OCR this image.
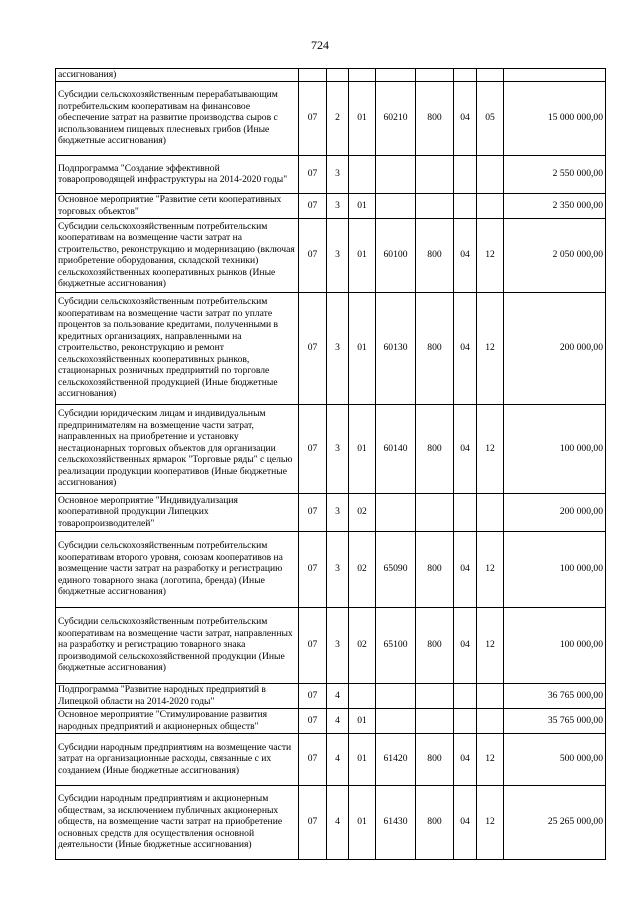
724
ассигнования)								
Субсидии сельскохозяйственным перерабатывающим потребительским кооперативам на финансовое обеспечение затрат на развитие производства сыров с использованием пищевых плесневых грибов (Иные бюджетные ассигнования)	07	2	01	60210	800	04	05	15 000 000,00
Подпрограмма "Создание эффективной товаропроводящей инфраструктуры на 2014-2020 годы"	07	3						2 550 000,00
Основное мероприятие "Развитие сети кооперативных торговых объектов"	07	3	01					2 350 000,00
Субсидии сельскохозяйственным потребительским кооперативам на возмещение части затрат на строительство, реконструкцию и модернизацию (включая приобретение оборудования, складской техники) сельскохозяйственных кооперативных рынков (Иные бюджетные ассигнования)	07	3	01	60100	800	04	12	2 050 000,00
Субсидии сельскохозяйственным потребительским кооперативам на возмещение части затрат по уплате процентов за пользование кредитами, полученными в кредитных организациях, направленными на строительство, реконструкцию и ремонт сельскохозяйственных кооперативных рынков, стационарных розничных предприятий по торговле сельскохозяйственной продукцией (Иные бюджетные ассигнования)	07	3	01	60130	800	04	12	200 000,00
Субсидии юридическим лицам и индивидуальным предпринимателям на возмещение части затрат, направленных на приобретение и установку нестационарных торговых объектов для организации сельскохозяйственных ярмарок "Торговые ряды" с целью реализации продукции кооперативов (Иные бюджетные ассигнования)	07	3	01	60140	800	04	12	100 000,00
Основное мероприятие "Индивидуализация кооперативной продукции Липецких товаропроизводителей"	07	3	02					200 000,00
Субсидии сельскохозяйственным потребительским кооперативам второго уровня, союзам кооперативов на возмещение части затрат на разработку и регистрацию единого товарного знака (логотипа, бренда) (Иные бюджетные ассигнования)	07	3	02	65090	800	04	12	100 000,00
Субсидии сельскохозяйственным потребительским кооперативам на возмещение части затрат, направленных на разработку и регистрацию товарного знака производимой сельскохозяйственной продукции (Иные бюджетные ассигнования)	07	3	02	65100	800	04	12	100 000,00
Подпрограмма "Развитие народных предприятий в Липецкой области на 2014-2020 годы"	07	4						36 765 000,00
Основное мероприятие "Стимулирование развития народных предприятий и акционерных обществ"	07	4	01					35 765 000,00
Субсидии народным предприятиям на возмещение части затрат на организационные расходы, связанные с их созданием (Иные бюджетные ассигнования)	07	4	01	61420	800	04	12	500 000,00
Субсидии народным предприятиям и акционерным обществам, за исключением публичных акционерных обществ, на возмещение части затрат на приобретение основных средств для осуществления основной деятельности (Иные бюджетные ассигнования)	07	4	01	61430	800	04	12	25 265 000,00
